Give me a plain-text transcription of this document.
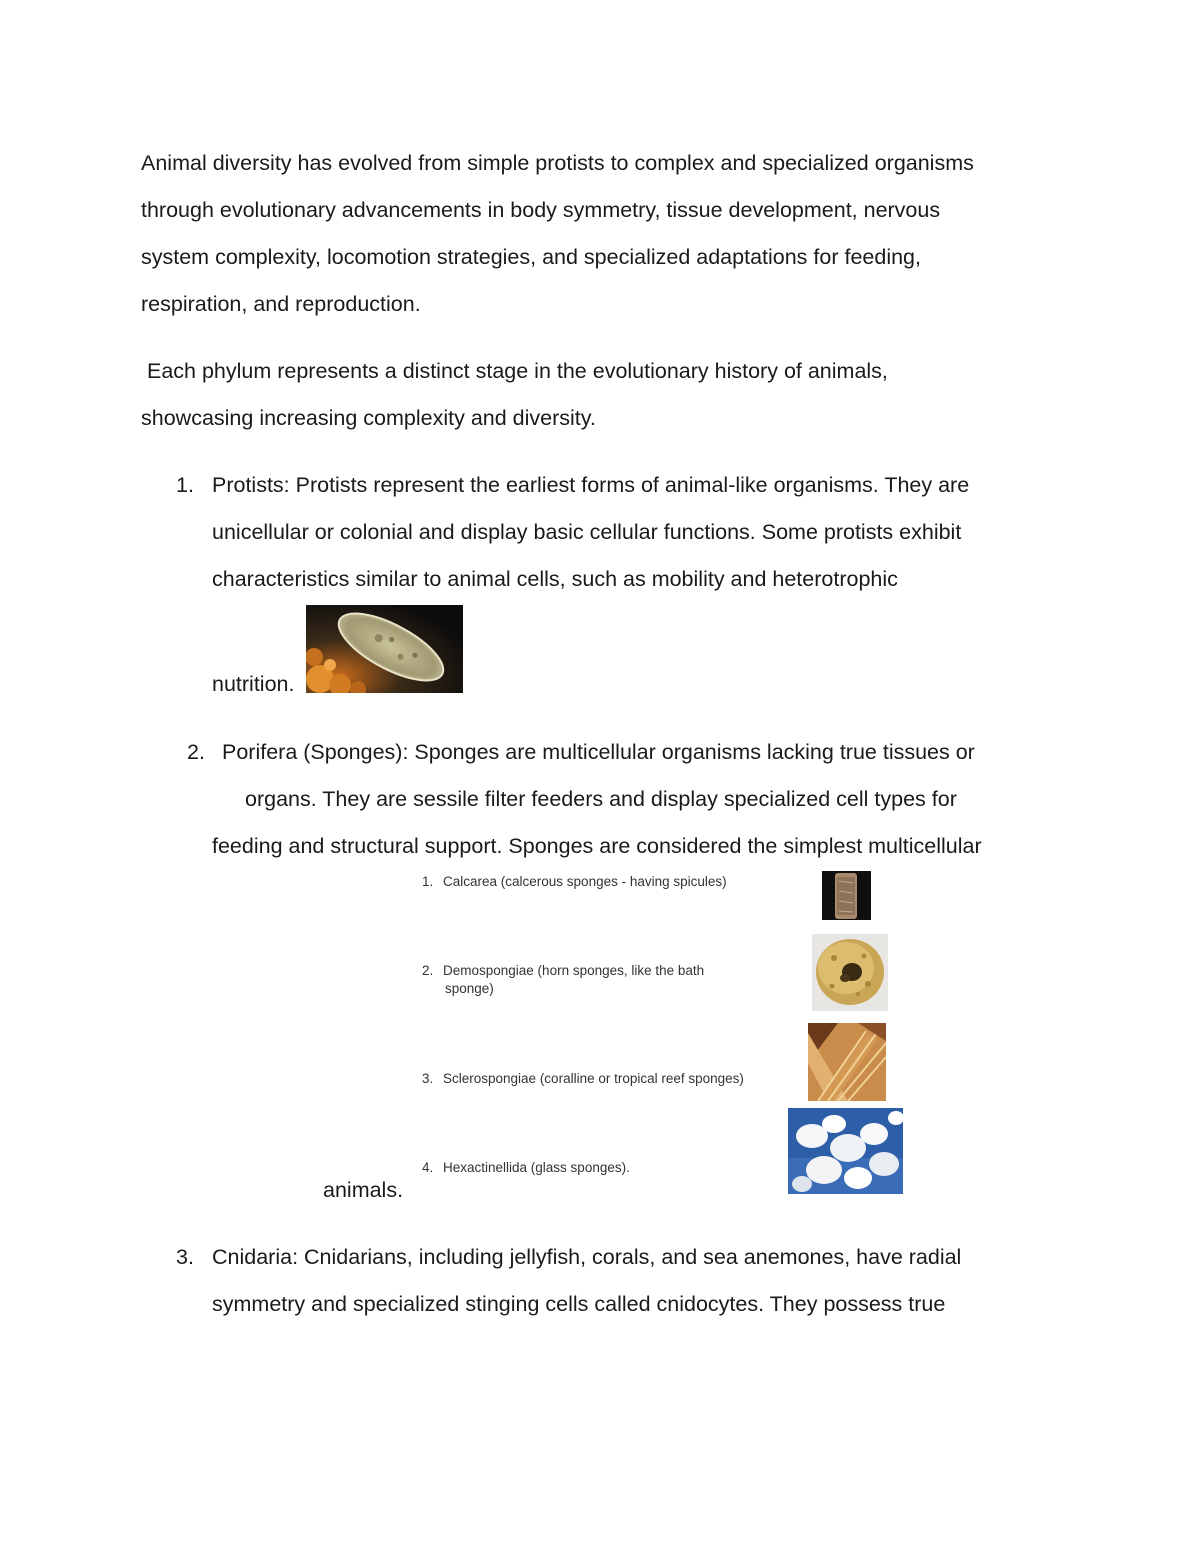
Animal diversity has evolved from simple protists to complex and specialized organisms
through evolutionary advancements in body symmetry, tissue development, nervous
system complexity, locomotion strategies, and specialized adaptations for feeding,
respiration, and reproduction.
Each phylum represents a distinct stage in the evolutionary history of animals,
showcasing increasing complexity and diversity.
1. Protists: Protists represent the earliest forms of animal-like organisms. They are
unicellular or colonial and display basic cellular functions. Some protists exhibit
characteristics similar to animal cells, such as mobility and heterotrophic
nutrition.
2. Porifera (Sponges): Sponges are multicellular organisms lacking true tissues or
organs. They are sessile filter feeders and display specialized cell types for
feeding and structural support. Sponges are considered the simplest multicellular
animals.
1. Calcarea (calcerous sponges - having spicules)
2. Demospongiae (horn sponges, like the bath
sponge)
3. Sclerospongiae (coralline or tropical reef sponges)
4. Hexactinellida (glass sponges).
3. Cnidaria: Cnidarians, including jellyfish, corals, and sea anemones, have radial
symmetry and specialized stinging cells called cnidocytes. They possess true
